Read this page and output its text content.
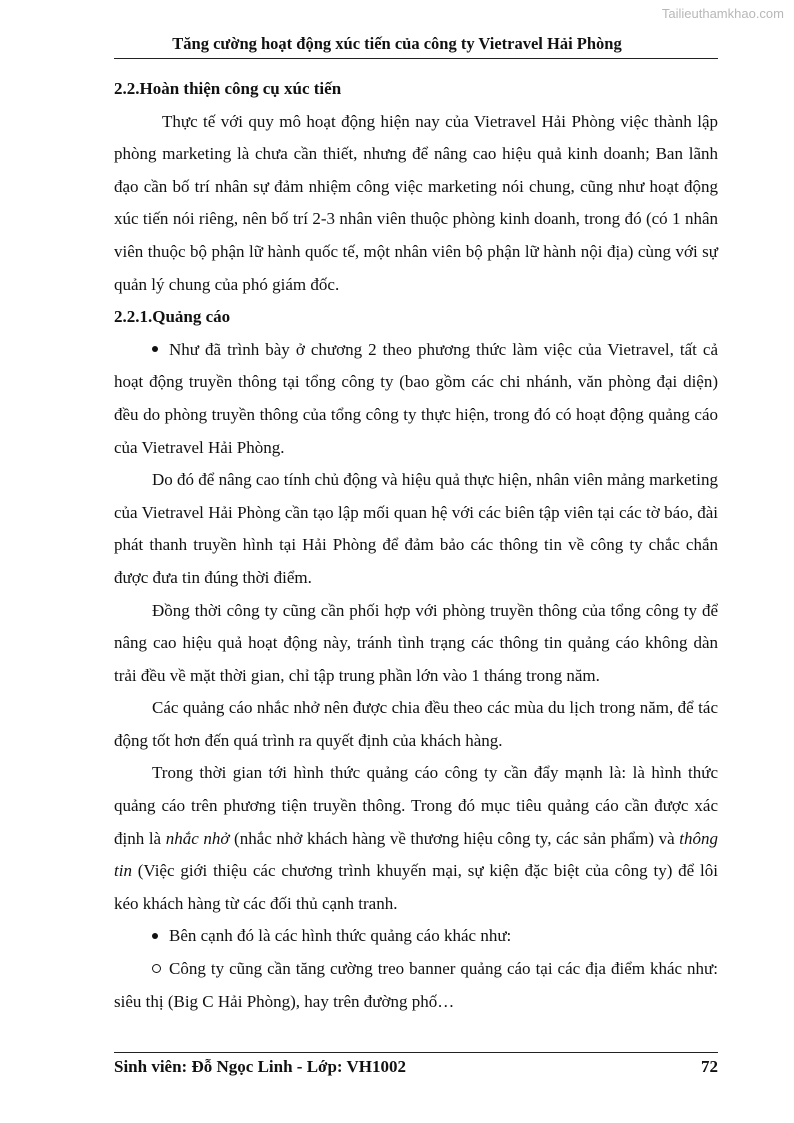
Tailieuthamkhao.com
Tăng cường hoạt động xúc tiến của công ty Vietravel Hải Phòng

2.2.Hoàn thiện công cụ xúc tiến

Thực tế với quy mô hoạt động hiện nay của Vietravel Hải Phòng việc thành lập phòng marketing là chưa cần thiết, nhưng để nâng cao hiệu quả kinh doanh; Ban lãnh đạo cần bố trí nhân sự đảm nhiệm công việc marketing nói chung, cũng như hoạt động xúc tiến nói riêng, nên bố trí 2-3 nhân viên thuộc phòng kinh doanh, trong đó (có 1 nhân viên thuộc bộ phận lữ hành quốc tế, một nhân viên bộ phận lữ hành nội địa) cùng với sự quản lý chung của phó giám đốc.

2.2.1.Quảng cáo

Như đã trình bày ở chương 2 theo phương thức làm việc của Vietravel, tất cả hoạt động truyền thông tại tổng công ty (bao gồm các chi nhánh, văn phòng đại diện) đều do phòng truyền thông của tổng công ty thực hiện, trong đó có hoạt động quảng cáo của Vietravel Hải Phòng.

Do đó để nâng cao tính chủ động và hiệu quả thực hiện, nhân viên mảng marketing của Vietravel Hải Phòng cần tạo lập mối quan hệ với các biên tập viên tại các tờ báo, đài phát thanh truyền hình tại Hải Phòng để đảm bảo các thông tin về công ty chắc chắn được đưa tin đúng thời điểm.

Đồng thời công ty cũng cần phối hợp với phòng truyền thông của tổng công ty để nâng cao hiệu quả hoạt động này, tránh tình trạng các thông tin quảng cáo không dàn trải đều về mặt thời gian, chỉ tập trung phần lớn vào 1 tháng trong năm.

Các quảng cáo nhắc nhở nên được chia đều theo các mùa du lịch trong năm, để tác động tốt hơn đến quá trình ra quyết định của khách hàng.

Trong thời gian tới hình thức quảng cáo công ty cần đẩy mạnh là: là hình thức quảng cáo trên phương tiện truyền thông. Trong đó mục tiêu quảng cáo cần được xác định là nhắc nhở (nhắc nhở khách hàng về thương hiệu công ty, các sản phẩm) và thông tin (Việc giới thiệu các chương trình khuyến mại, sự kiện đặc biệt của công ty) để lôi kéo khách hàng từ các đối thủ cạnh tranh.

Bên cạnh đó là các hình thức quảng cáo khác như:

Công ty cũng cần tăng cường treo banner quảng cáo tại các địa điểm khác như: siêu thị (Big C Hải Phòng), hay trên đường phố…

Sinh viên: Đỗ Ngọc Linh - Lớp: VH1002	72
